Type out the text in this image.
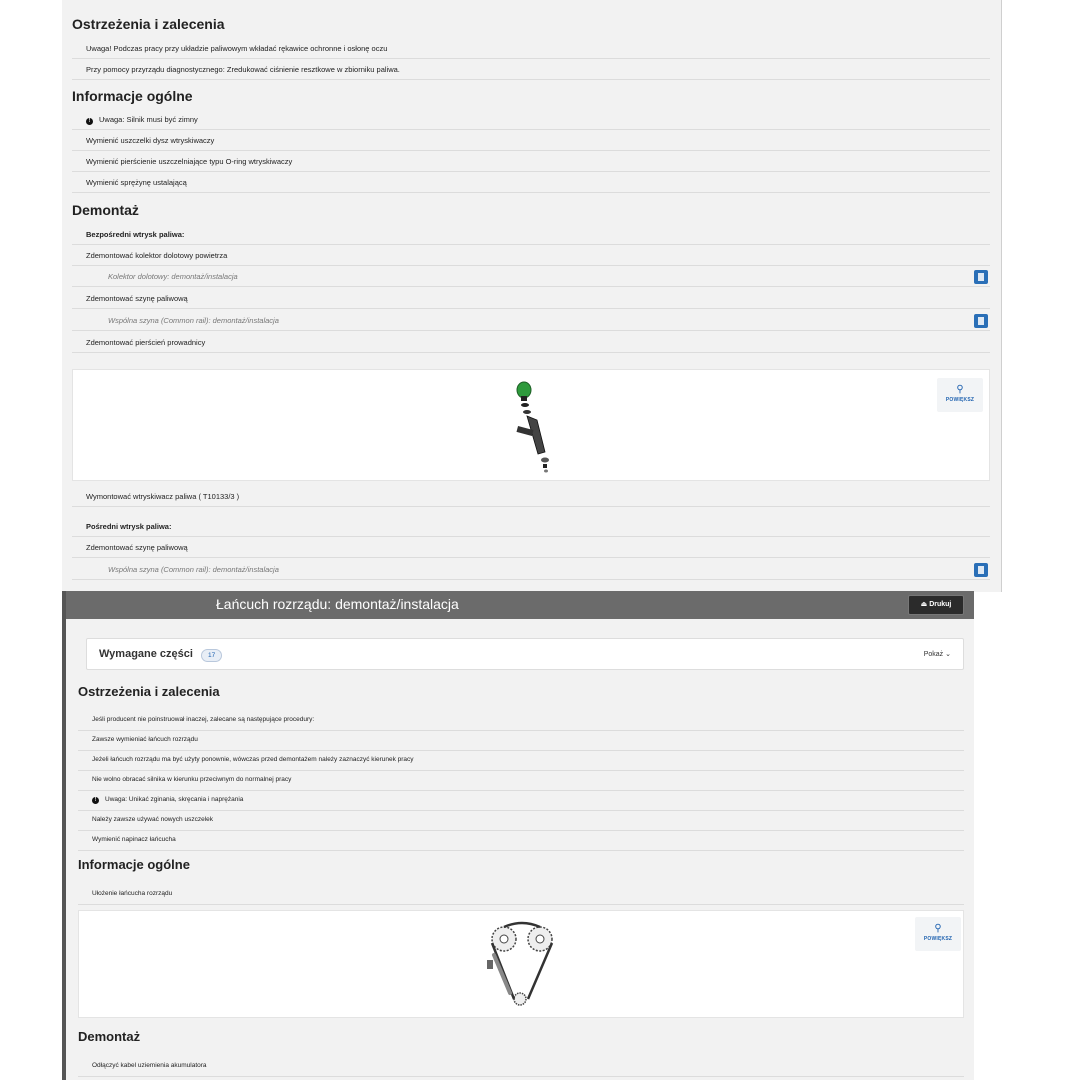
Ostrzeżenia i zalecenia
Uwaga! Podczas pracy przy układzie paliwowym wkładać rękawice ochronne i osłonę oczu
Przy pomocy przyrządu diagnostycznego: Zredukować ciśnienie resztkowe w zbiorniku paliwa.
Informacje ogólne
! Uwaga: Silnik musi być zimny
Wymienić uszczelki dysz wtryskiwaczy
Wymienić pierścienie uszczelniające typu O-ring wtryskiwaczy
Wymienić sprężynę ustalającą
Demontaż
Bezpośredni wtrysk paliwa:
Zdemontować kolektor dolotowy powietrza
Kolektor dolotowy: demontaż/instalacja
Zdemontować szynę paliwową
Wspólna szyna (Common rail): demontaż/instalacja
Zdemontować pierścień prowadnicy
⚲
POWIĘKSZ
Wymontować wtryskiwacz paliwa ( T10133/3 )
Pośredni wtrysk paliwa:
Zdemontować szynę paliwową
Wspólna szyna (Common rail): demontaż/instalacja
Łańcuch rozrządu: demontaż/instalacja	⏏ Drukuj
Wymagane części	17	Pokaż ⌄
Ostrzeżenia i zalecenia
Jeśli producent nie poinstruował inaczej, zalecane są następujące procedury:
Zawsze wymieniać łańcuch rozrządu
Jeżeli łańcuch rozrządu ma być użyty ponownie, wówczas przed demontażem należy zaznaczyć kierunek pracy
Nie wolno obracać silnika w kierunku przeciwnym do normalnej pracy
! Uwaga: Unikać zginania, skręcania i naprężania
Należy zawsze używać nowych uszczelek
Wymienić napinacz łańcucha
Informacje ogólne
Ułożenie łańcucha rozrządu
⚲
POWIĘKSZ
Demontaż
Odłączyć kabel uziemienia akumulatora
